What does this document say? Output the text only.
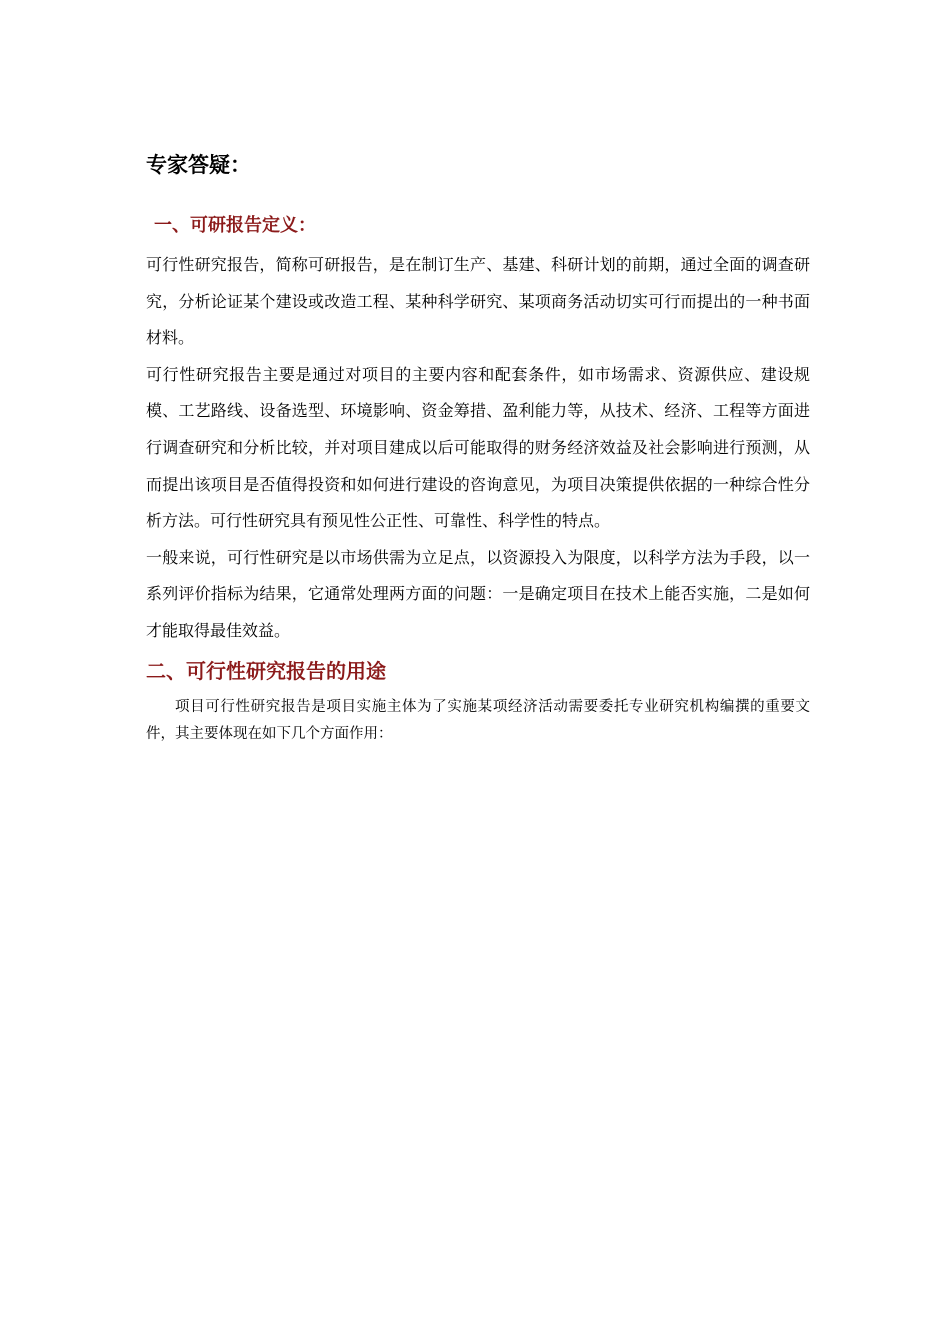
专家答疑：
一、可研报告定义：

可行性研究报告，简称可研报告，是在制订生产、基建、科研计划的前期，通过全面的调查研究，分析论证某个建设或改造工程、某种科学研究、某项商务活动切实可行而提出的一种书面材料。

可行性研究报告主要是通过对项目的主要内容和配套条件，如市场需求、资源供应、建设规模、工艺路线、设备选型、环境影响、资金筹措、盈利能力等，从技术、经济、工程等方面进行调查研究和分析比较，并对项目建成以后可能取得的财务经济效益及社会影响进行预测，从而提出该项目是否值得投资和如何进行建设的咨询意见，为项目决策提供依据的一种综合性分析方法。可行性研究具有预见性公正性、可靠性、科学性的特点。

一般来说，可行性研究是以市场供需为立足点，以资源投入为限度，以科学方法为手段，以一系列评价指标为结果，它通常处理两方面的问题：一是确定项目在技术上能否实施，二是如何才能取得最佳效益。

二、可行性研究报告的用途

项目可行性研究报告是项目实施主体为了实施某项经济活动需要委托专业研究机构编撰的重要文件，其主要体现在如下几个方面作用：
